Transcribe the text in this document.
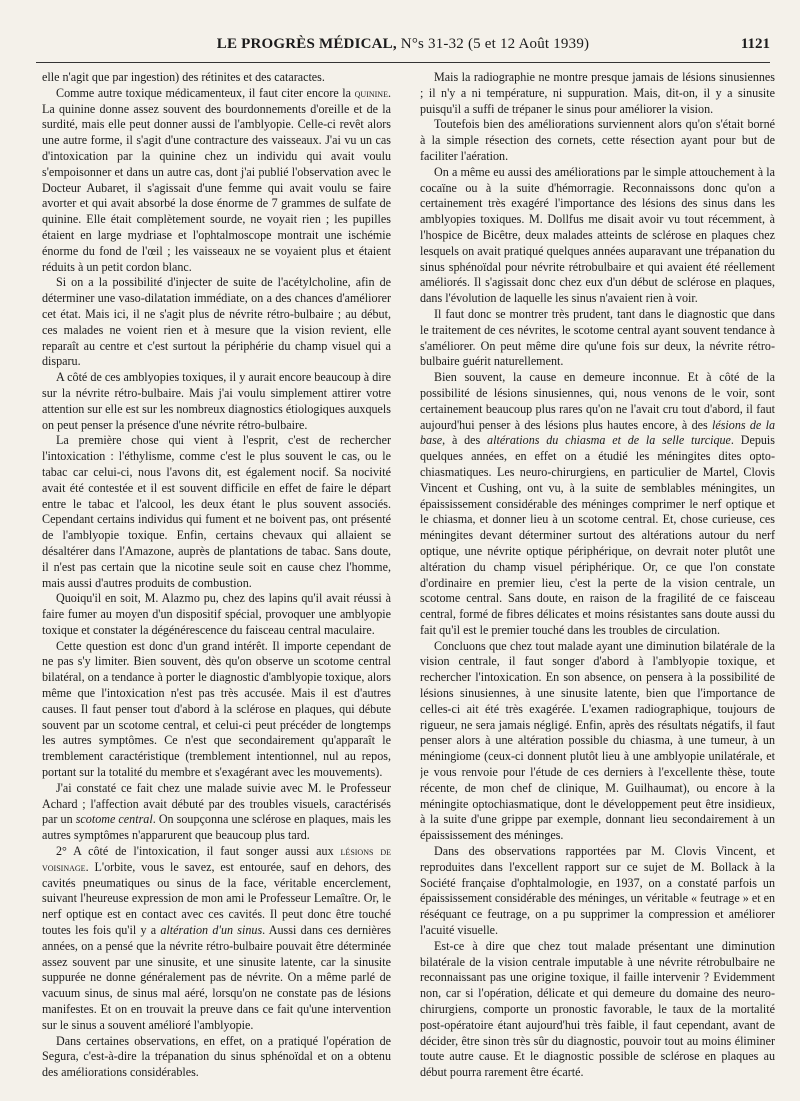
LE PROGRÈS MÉDICAL, N°s 31-32 (5 et 12 Août 1939)	1121

elle n'agit que par ingestion) des rétinites et des cataractes.

Comme autre toxique médicamenteux, il faut citer encore la quinine. La quinine donne assez souvent des bourdonnements d'oreille et de la surdité, mais elle peut donner aussi de l'amblyopie. Celle-ci revêt alors une autre forme, il s'agit d'une contracture des vaisseaux. J'ai vu un cas d'intoxication par la quinine chez un individu qui avait voulu s'empoisonner et dans un autre cas, dont j'ai publié l'observation avec le Docteur Aubaret, il s'agissait d'une femme qui avait voulu se faire avorter et qui avait absorbé la dose énorme de 7 grammes de sulfate de quinine. Elle était complètement sourde, ne voyait rien ; les pupilles étaient en large mydriase et l'ophtalmoscope montrait une ischémie énorme du fond de l'œil ; les vaisseaux ne se voyaient plus et étaient réduits à un petit cordon blanc.

Si on a la possibilité d'injecter de suite de l'acétylcholine, afin de déterminer une vaso-dilatation immédiate, on a des chances d'améliorer cet état. Mais ici, il ne s'agit plus de névrite rétro-bulbaire ; au début, ces malades ne voient rien et à mesure que la vision revient, elle reparaît au centre et c'est surtout la périphérie du champ visuel qui a disparu.

A côté de ces amblyopies toxiques, il y aurait encore beaucoup à dire sur la névrite rétro-bulbaire. Mais j'ai voulu simplement attirer votre attention sur elle est sur les nombreux diagnostics étiologiques auxquels on peut penser la présence d'une névrite rétro-bulbaire.

La première chose qui vient à l'esprit, c'est de rechercher l'intoxication : l'éthylisme, comme c'est le plus souvent le cas, ou le tabac car celui-ci, nous l'avons dit, est également nocif. Sa nocivité avait été contestée et il est souvent difficile en effet de faire le départ entre le tabac et l'alcool, les deux étant le plus souvent associés. Cependant certains individus qui fument et ne boivent pas, ont présenté de l'amblyopie toxique. Enfin, certains chevaux qui allaient se désaltérer dans l'Amazone, auprès de plantations de tabac. Sans doute, il n'est pas certain que la nicotine seule soit en cause chez l'homme, mais aussi d'autres produits de combustion.

Quoiqu'il en soit, M. Alazmo pu, chez des lapins qu'il avait réussi à faire fumer au moyen d'un dispositif spécial, provoquer une amblyopie toxique et constater la dégénérescence du faisceau central maculaire.

Cette question est donc d'un grand intérêt. Il importe cependant de ne pas s'y limiter. Bien souvent, dès qu'on observe un scotome central bilatéral, on a tendance à porter le diagnostic d'amblyopie toxique, alors même que l'intoxication n'est pas très accusée. Mais il est d'autres causes. Il faut penser tout d'abord à la sclérose en plaques, qui débute souvent par un scotome central, et celui-ci peut précéder de longtemps les autres symptômes. Ce n'est que secondairement qu'apparaît le tremblement caractéristique (tremblement intentionnel, nul au repos, portant sur la totalité du membre et s'exagérant avec les mouvements).

J'ai constaté ce fait chez une malade suivie avec M. le Professeur Achard ; l'affection avait débuté par des troubles visuels, caractérisés par un scotome central. On soupçonna une sclérose en plaques, mais les autres symptômes n'apparurent que beaucoup plus tard.

2° A côté de l'intoxication, il faut songer aussi aux lésions de voisinage. L'orbite, vous le savez, est entourée, sauf en dehors, des cavités pneumatiques ou sinus de la face, véritable encerclement, suivant l'heureuse expression de mon ami le Professeur Lemaître. Or, le nerf optique est en contact avec ces cavités. Il peut donc être touché toutes les fois qu'il y a altération d'un sinus. Aussi dans ces dernières années, on a pensé que la névrite rétro-bulbaire pouvait être déterminée assez souvent par une sinusite, et une sinusite latente, car la sinusite suppurée ne donne généralement pas de névrite. On a même parlé de vacuum sinus, de sinus mal aéré, lorsqu'on ne constate pas de lésions manifestes. Et on en trouvait la preuve dans ce fait qu'une intervention sur le sinus a souvent amélioré l'amblyopie.

Dans certaines observations, en effet, on a pratiqué l'opération de Segura, c'est-à-dire la trépanation du sinus sphénoïdal et on a obtenu des améliorations considérables.

Mais la radiographie ne montre presque jamais de lésions sinusiennes ; il n'y a ni température, ni suppuration. Mais, dit-on, il y a sinusite puisqu'il a suffi de trépaner le sinus pour améliorer la vision.

Toutefois bien des améliorations surviennent alors qu'on s'était borné à la simple résection des cornets, cette résection ayant pour but de faciliter l'aération.

On a même eu aussi des améliorations par le simple attouchement à la cocaïne ou à la suite d'hémorragie. Reconnaissons donc qu'on a certainement très exagéré l'importance des lésions des sinus dans les amblyopies toxiques. M. Dollfus me disait avoir vu tout récemment, à l'hospice de Bicêtre, deux malades atteints de sclérose en plaques chez lesquels on avait pratiqué quelques années auparavant une trépanation du sinus sphénoïdal pour névrite rétrobulbaire et qui avaient été réellement améliorés. Il s'agissait donc chez eux d'un début de sclérose en plaques, dans l'évolution de laquelle les sinus n'avaient rien à voir.

Il faut donc se montrer très prudent, tant dans le diagnostic que dans le traitement de ces névrites, le scotome central ayant souvent tendance à s'améliorer. On peut même dire qu'une fois sur deux, la névrite rétro-bulbaire guérit naturellement.

Bien souvent, la cause en demeure inconnue. Et à côté de la possibilité de lésions sinusiennes, qui, nous venons de le voir, sont certainement beaucoup plus rares qu'on ne l'avait cru tout d'abord, il faut aujourd'hui penser à des lésions plus hautes encore, à des lésions de la base, à des altérations du chiasma et de la selle turcique. Depuis quelques années, en effet on a étudié les méningites dites opto-chiasmatiques. Les neuro-chirurgiens, en particulier de Martel, Clovis Vincent et Cushing, ont vu, à la suite de semblables méningites, un épaississement considérable des méninges comprimer le nerf optique et le chiasma, et donner lieu à un scotome central. Et, chose curieuse, ces méningites devant déterminer surtout des altérations autour du nerf optique, une névrite optique périphérique, on devrait noter plutôt une altération du champ visuel périphérique. Or, ce que l'on constate d'ordinaire en premier lieu, c'est la perte de la vision centrale, un scotome central. Sans doute, en raison de la fragilité de ce faisceau central, formé de fibres délicates et moins résistantes sans doute aussi du fait qu'il est le premier touché dans les troubles de circulation.

Concluons que chez tout malade ayant une diminution bilatérale de la vision centrale, il faut songer d'abord à l'amblyopie toxique, et rechercher l'intoxication. En son absence, on pensera à la possibilité de lésions sinusiennes, à une sinusite latente, bien que l'importance de celles-ci ait été très exagérée. L'examen radiographique, toujours de rigueur, ne sera jamais négligé. Enfin, après des résultats négatifs, il faut penser alors à une altération possible du chiasma, à une tumeur, à un méningiome (ceux-ci donnent plutôt lieu à une amblyopie unilatérale, et je vous renvoie pour l'étude de ces derniers à l'excellente thèse, toute récente, de mon chef de clinique, M. Guilhaumat), ou encore à la méningite optochiasmatique, dont le développement peut être insidieux, à la suite d'une grippe par exemple, donnant lieu secondairement à un épaississement des méninges.

Dans des observations rapportées par M. Clovis Vincent, et reproduites dans l'excellent rapport sur ce sujet de M. Bollack à la Société française d'ophtalmologie, en 1937, on a constaté parfois un épaississement considérable des méninges, un véritable « feutrage » et en réséquant ce feutrage, on a pu supprimer la compression et améliorer l'acuité visuelle.

Est-ce à dire que chez tout malade présentant une diminution bilatérale de la vision centrale imputable à une névrite rétrobulbaire ne reconnaissant pas une origine toxique, il faille intervenir ? Evidemment non, car si l'opération, délicate et qui demeure du domaine des neuro-chirurgiens, comporte un pronostic favorable, le taux de la mortalité post-opératoire étant aujourd'hui très faible, il faut cependant, avant de décider, être sinon très sûr du diagnostic, pouvoir tout au moins éliminer toute autre cause. Et le diagnostic possible de sclérose en plaques au début pourra rarement être écarté.
